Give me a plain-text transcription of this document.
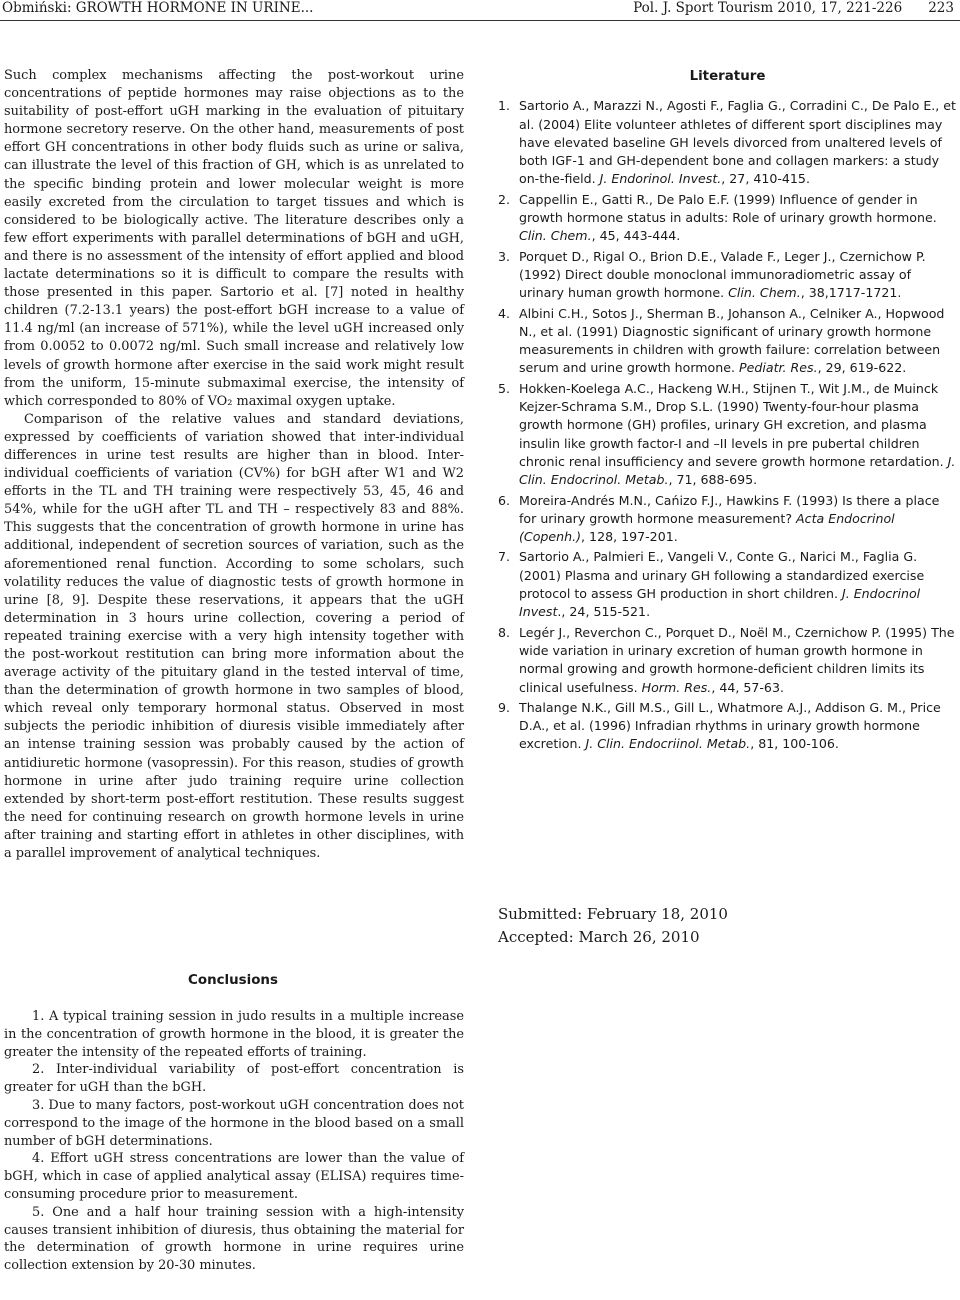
Obmiński: GROWTH HORMONE IN URINE...	Pol. J. Sport Tourism 2010, 17, 221-226 223

Such complex mechanisms affecting the post-workout urine concentrations of peptide hormones may raise objections as to the suitability of post-effort uGH marking in the evaluation of pituitary hormone secretory reserve. On the other hand, measurements of post effort GH concentrations in other body fluids such as urine or saliva, can illustrate the level of this fraction of GH, which is as unrelated to the specific binding protein and lower molecular weight is more easily excreted from the circulation to target tissues and which is considered to be biologically active. The literature describes only a few effort experiments with parallel determinations of bGH and uGH, and there is no assessment of the intensity of effort applied and blood lactate determinations so it is difficult to compare the results with those presented in this paper. Sartorio et al. [7] noted in healthy children (7.2-13.1 years) the post-effort bGH increase to a value of 11.4 ng/ml (an increase of 571%), while the level uGH increased only from 0.0052 to 0.0072 ng/ml. Such small increase and relatively low levels of growth hormone after exercise in the said work might result from the uniform, 15-minute submaximal exercise, the intensity of which corresponded to 80% of VO₂ maximal oxygen uptake.

Comparison of the relative values and standard deviations, expressed by coefficients of variation showed that inter-individual differences in urine test results are higher than in blood. Inter-individual coefficients of variation (CV%) for bGH after W1 and W2 efforts in the TL and TH training were respectively 53, 45, 46 and 54%, while for the uGH after TL and TH – respectively 83 and 88%. This suggests that the concentration of growth hormone in urine has additional, independent of secretion sources of variation, such as the aforementioned renal function. According to some scholars, such volatility reduces the value of diagnostic tests of growth hormone in urine [8, 9]. Despite these reservations, it appears that the uGH determination in 3 hours urine collection, covering a period of repeated training exercise with a very high intensity together with the post-workout restitution can bring more information about the average activity of the pituitary gland in the tested interval of time, than the determination of growth hormone in two samples of blood, which reveal only temporary hormonal status. Observed in most subjects the periodic inhibition of diuresis visible immediately after an intense training session was probably caused by the action of antidiuretic hormone (vasopressin). For this reason, studies of growth hormone in urine after judo training require urine collection extended by short-term post-effort restitution. These results suggest the need for continuing research on growth hormone levels in urine after training and starting effort in athletes in other disciplines, with a parallel improvement of analytical techniques.

Conclusions

1. A typical training session in judo results in a multiple increase in the concentration of growth hormone in the blood, it is greater the greater the intensity of the repeated efforts of training.

2. Inter-individual variability of post-effort concentration is greater for uGH than the bGH.

3. Due to many factors, post-workout uGH concentration does not correspond to the image of the hormone in the blood based on a small number of bGH determinations.

4. Effort uGH stress concentrations are lower than the value of bGH, which in case of applied analytical assay (ELISA) requires time-consuming procedure prior to measurement.

5. One and a half hour training session with a high-intensity causes transient inhibition of diuresis, thus obtaining the material for the determination of growth hormone in urine requires urine collection extension by 20-30 minutes.

Literature
1. Sartorio A., Marazzi N., Agosti F., Faglia G., Corradini C., De Palo E., et al. (2004) Elite volunteer athletes of different sport disciplines may have elevated baseline GH levels divorced from unaltered levels of both IGF-1 and GH-dependent bone and collagen markers: a study on-the-field. J. Endorinol. Invest., 27, 410-415.
2. Cappellin E., Gatti R., De Palo E.F. (1999) Influence of gender in growth hormone status in adults: Role of urinary growth hormone. Clin. Chem., 45, 443-444.
3. Porquet D., Rigal O., Brion D.E., Valade F., Leger J., Czernichow P. (1992) Direct double monoclonal immunoradiometric assay of urinary human growth hormone. Clin. Chem., 38,1717-1721.
4. Albini C.H., Sotos J., Sherman B., Johanson A., Celniker A., Hopwood N., et al. (1991) Diagnostic significant of urinary growth hormone measurements in children with growth failure: correlation between serum and urine growth hormone. Pediatr. Res., 29, 619-622.
5. Hokken-Koelega A.C., Hackeng W.H., Stijnen T., Wit J.M., de Muinck Kejzer-Schrama S.M., Drop S.L. (1990) Twenty-four-hour plasma growth hormone (GH) profiles, urinary GH excretion, and plasma insulin like growth factor-I and –II levels in pre pubertal children chronic renal insufficiency and severe growth hormone retardation. J. Clin. Endocrinol. Metab., 71, 688-695.
6. Moreira-Andrés M.N., Cańizo F.J., Hawkins F. (1993) Is there a place for urinary growth hormone measurement? Acta Endocrinol (Copenh.), 128, 197-201.
7. Sartorio A., Palmieri E., Vangeli V., Conte G., Narici M., Faglia G. (2001) Plasma and urinary GH following a standardized exercise protocol to assess GH production in short children. J. Endocrinol Invest., 24, 515-521.
8. Legér J., Reverchon C., Porquet D., Noël M., Czernichow P. (1995) The wide variation in urinary excretion of human growth hormone in normal growing and growth hormone-deficient children limits its clinical usefulness. Horm. Res., 44, 57-63.
9. Thalange N.K., Gill M.S., Gill L., Whatmore A.J., Addison G. M., Price D.A., et al. (1996) Infradian rhythms in urinary growth hormone excretion. J. Clin. Endocriinol. Metab., 81, 100-106.
Submitted: February 18, 2010
Accepted: March 26, 2010
